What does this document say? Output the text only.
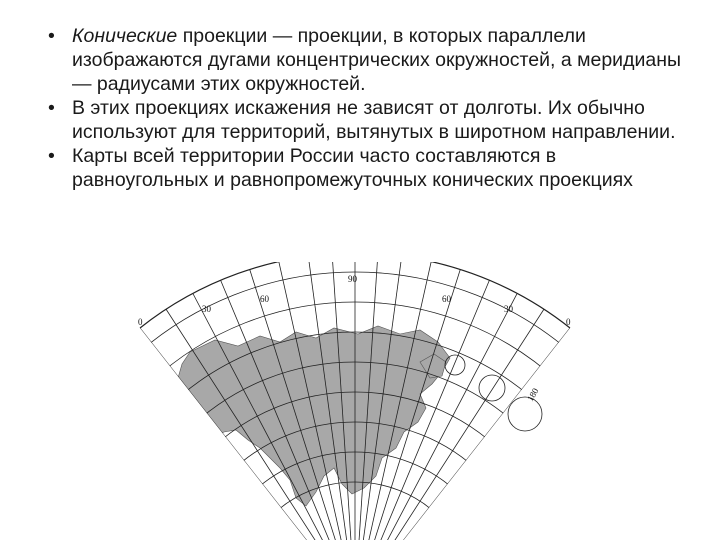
• Конические проекции — проекции, в которых параллели изображаются дугами концентрических окружностей, а меридианы — радиусами этих окружностей.
• В этих проекциях искажения не зависят от долготы. Их обычно используют для территорий, вытянутых в широтном направлении.
• Карты всей территории России часто составляются в равноугольных и равнопромежуточных конических проекциях
90
60	60
30	30
0	0
180
